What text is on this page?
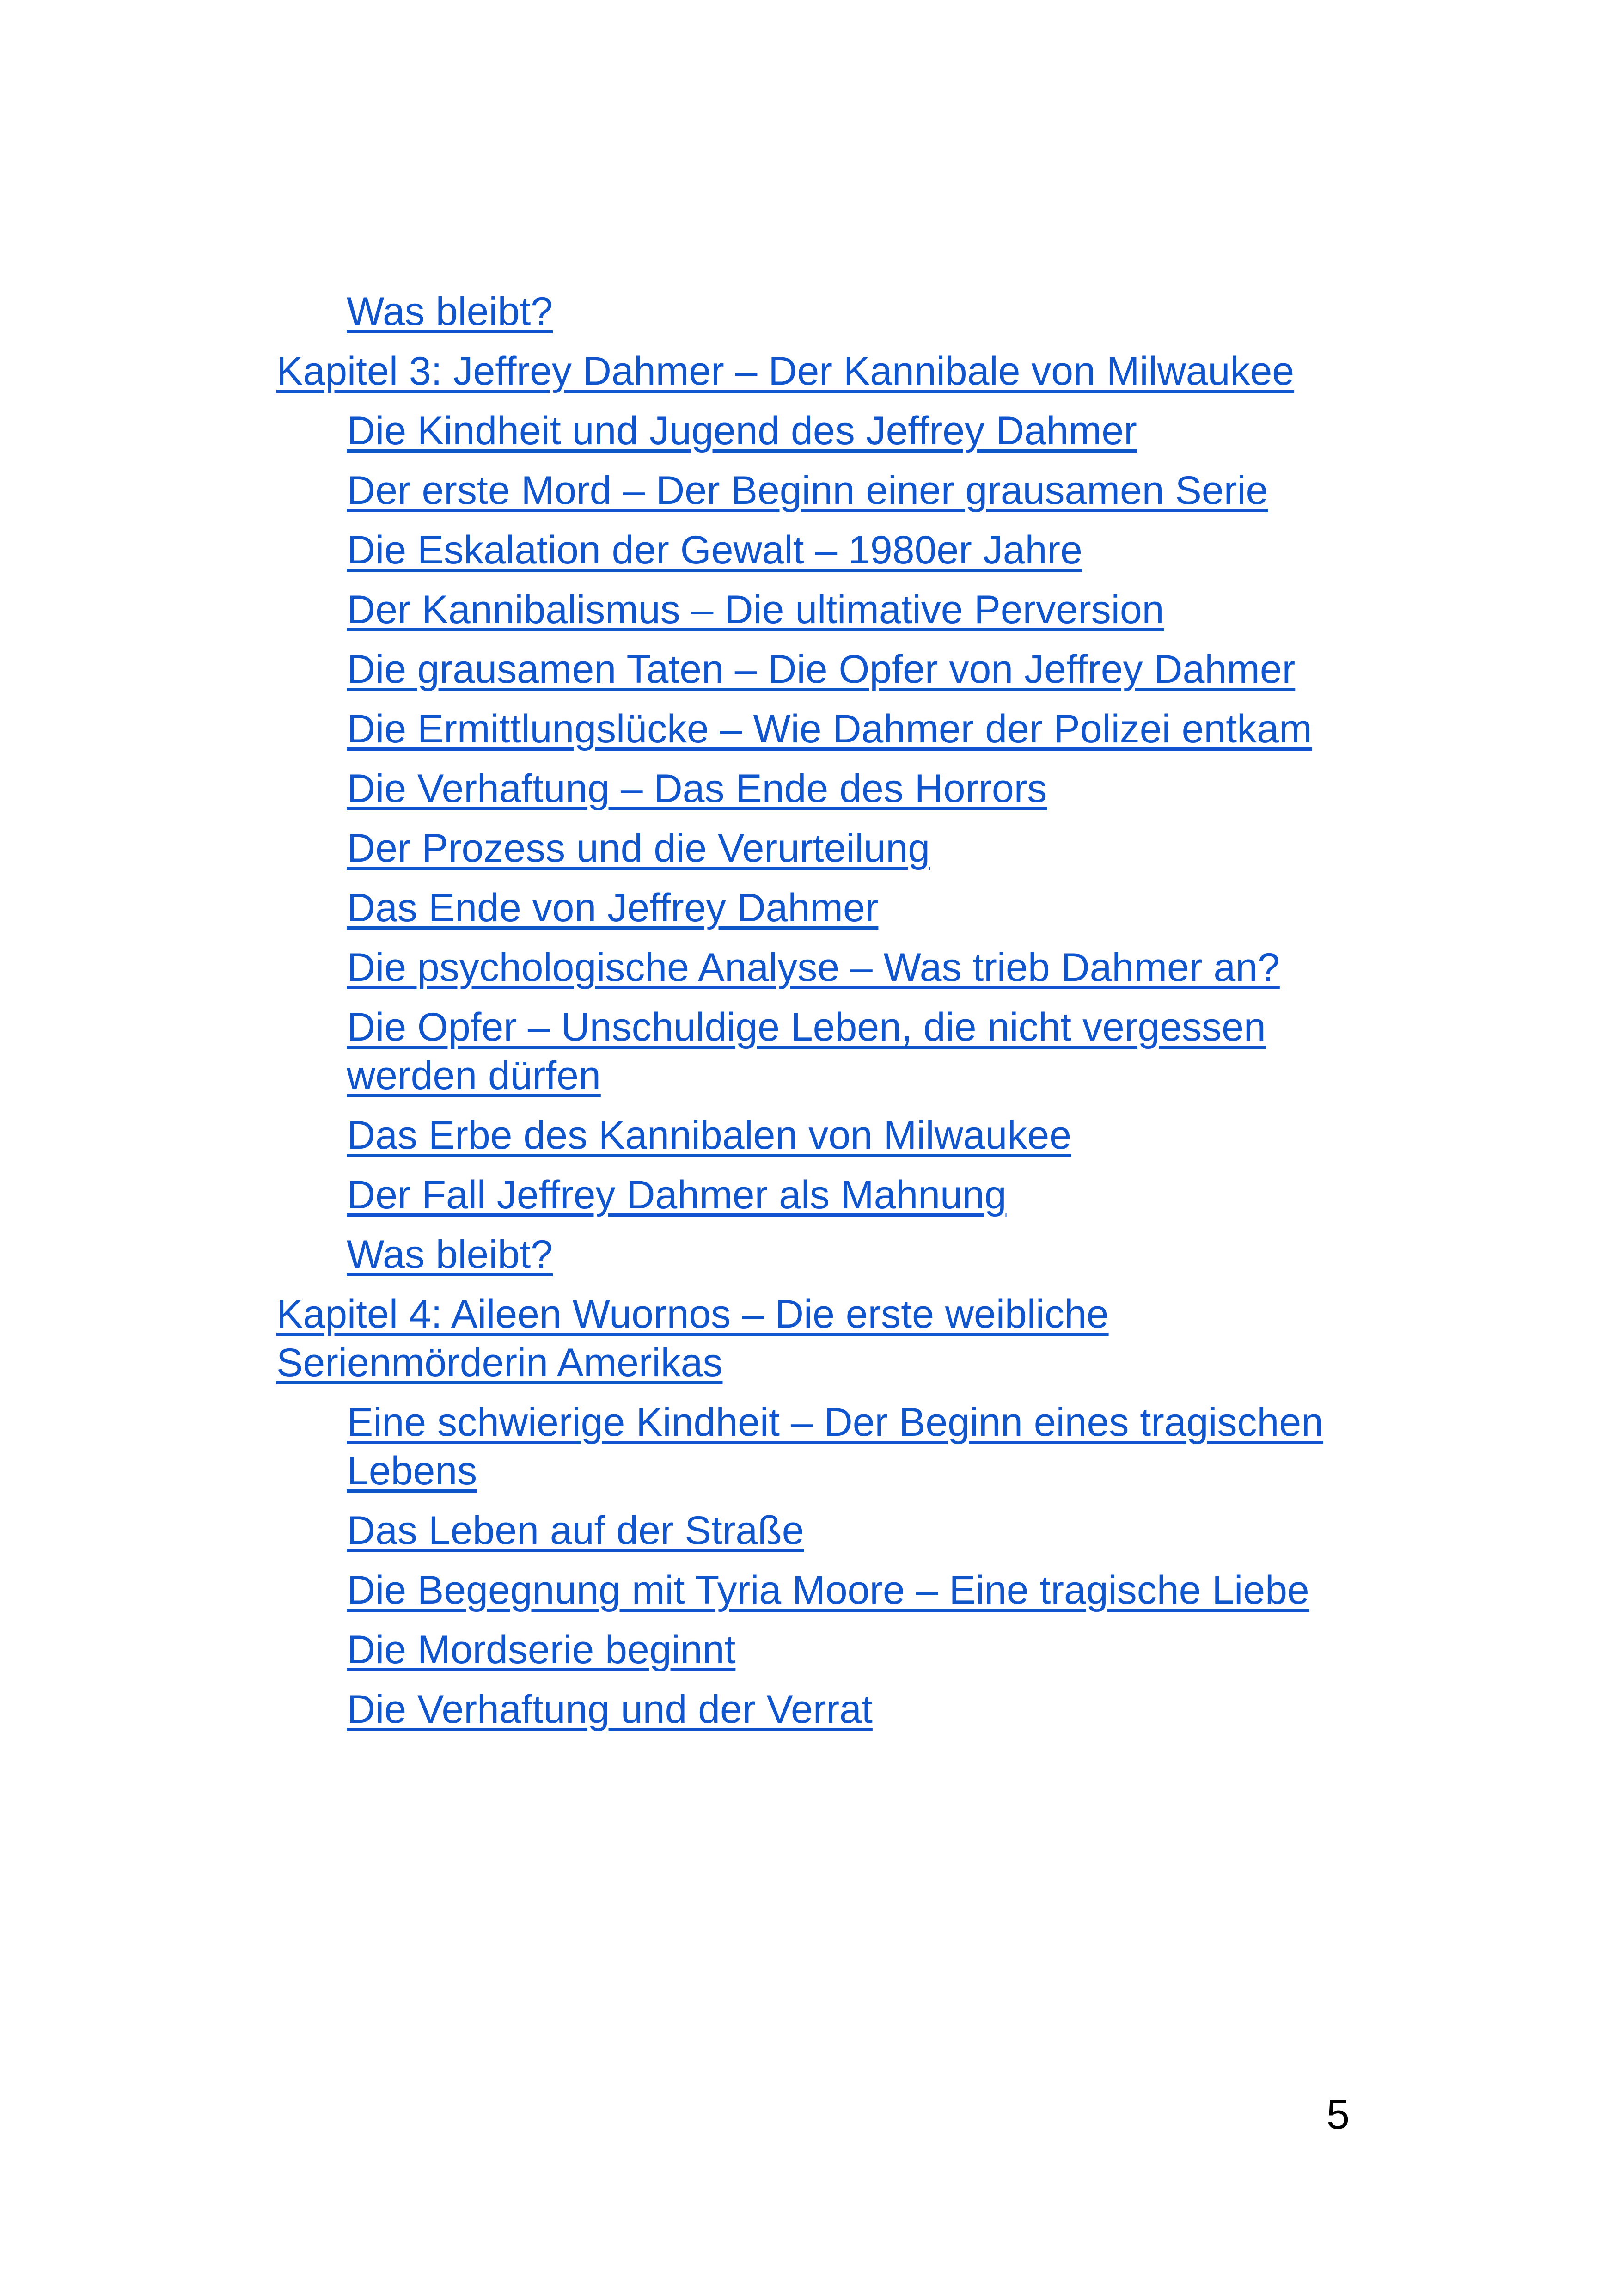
Was bleibt?
Kapitel 3: Jeffrey Dahmer – Der Kannibale von Milwaukee
Die Kindheit und Jugend des Jeffrey Dahmer
Der erste Mord – Der Beginn einer grausamen Serie
Die Eskalation der Gewalt – 1980er Jahre
Der Kannibalismus – Die ultimative Perversion
Die grausamen Taten – Die Opfer von Jeffrey Dahmer
Die Ermittlungslücke – Wie Dahmer der Polizei entkam
Die Verhaftung – Das Ende des Horrors
Der Prozess und die Verurteilung
Das Ende von Jeffrey Dahmer
Die psychologische Analyse – Was trieb Dahmer an?
Die Opfer – Unschuldige Leben, die nicht vergessen werden dürfen
Das Erbe des Kannibalen von Milwaukee
Der Fall Jeffrey Dahmer als Mahnung
Was bleibt?
Kapitel 4: Aileen Wuornos – Die erste weibliche Serienmörderin Amerikas
Eine schwierige Kindheit – Der Beginn eines tragischen Lebens
Das Leben auf der Straße
Die Begegnung mit Tyria Moore – Eine tragische Liebe
Die Mordserie beginnt
Die Verhaftung und der Verrat
5
